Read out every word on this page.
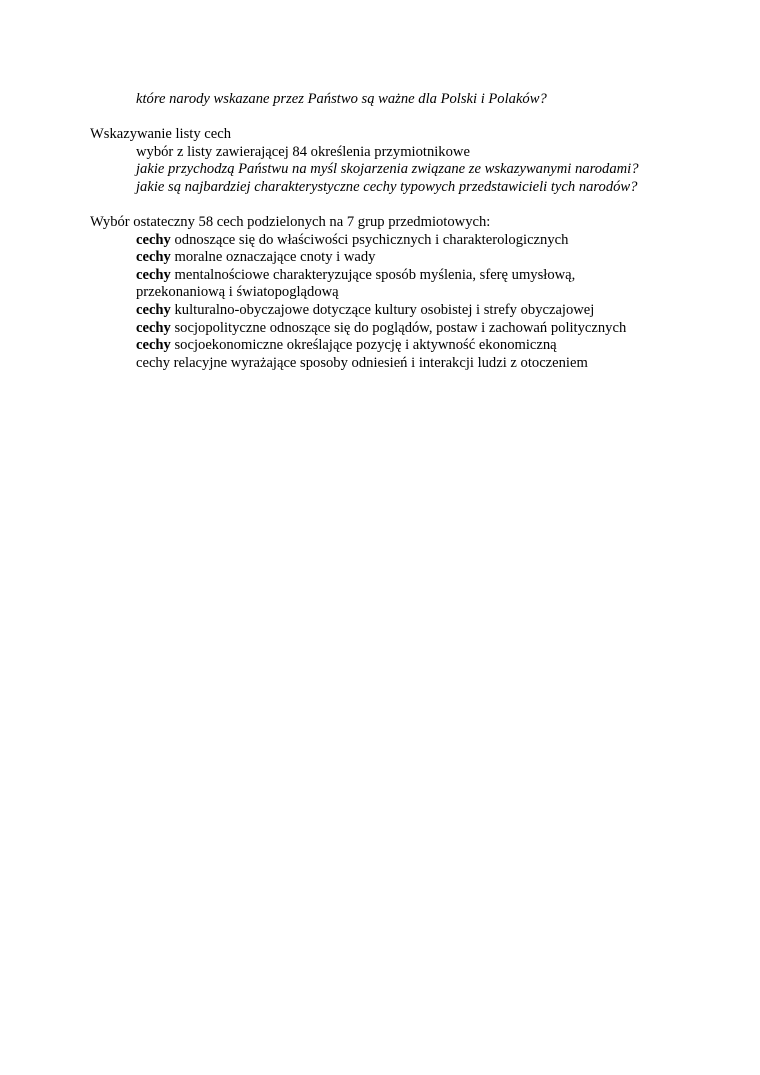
które narody wskazane przez Państwo są ważne dla Polski i Polaków?

Wskazywanie listy cech

wybór z listy zawierającej 84 określenia przymiotnikowe

jakie przychodzą Państwu na myśl skojarzenia związane ze wskazywanymi narodami?

jakie są najbardziej charakterystyczne cechy typowych przedstawicieli tych narodów?

Wybór ostateczny 58 cech podzielonych na 7 grup przedmiotowych:

cechy odnoszące się do właściwości psychicznych i charakterologicznych

cechy moralne oznaczające cnoty i wady

cechy mentalnościowe charakteryzujące sposób myślenia, sferę umysłową,

przekonaniową i światopoglądową

cechy kulturalno-obyczajowe dotyczące kultury osobistej i strefy obyczajowej

cechy socjopolityczne odnoszące się do poglądów, postaw i zachowań politycznych

cechy socjoekonomiczne określające pozycję i aktywność ekonomiczną

cechy relacyjne wyrażające sposoby odniesień i interakcji ludzi z otoczeniem
